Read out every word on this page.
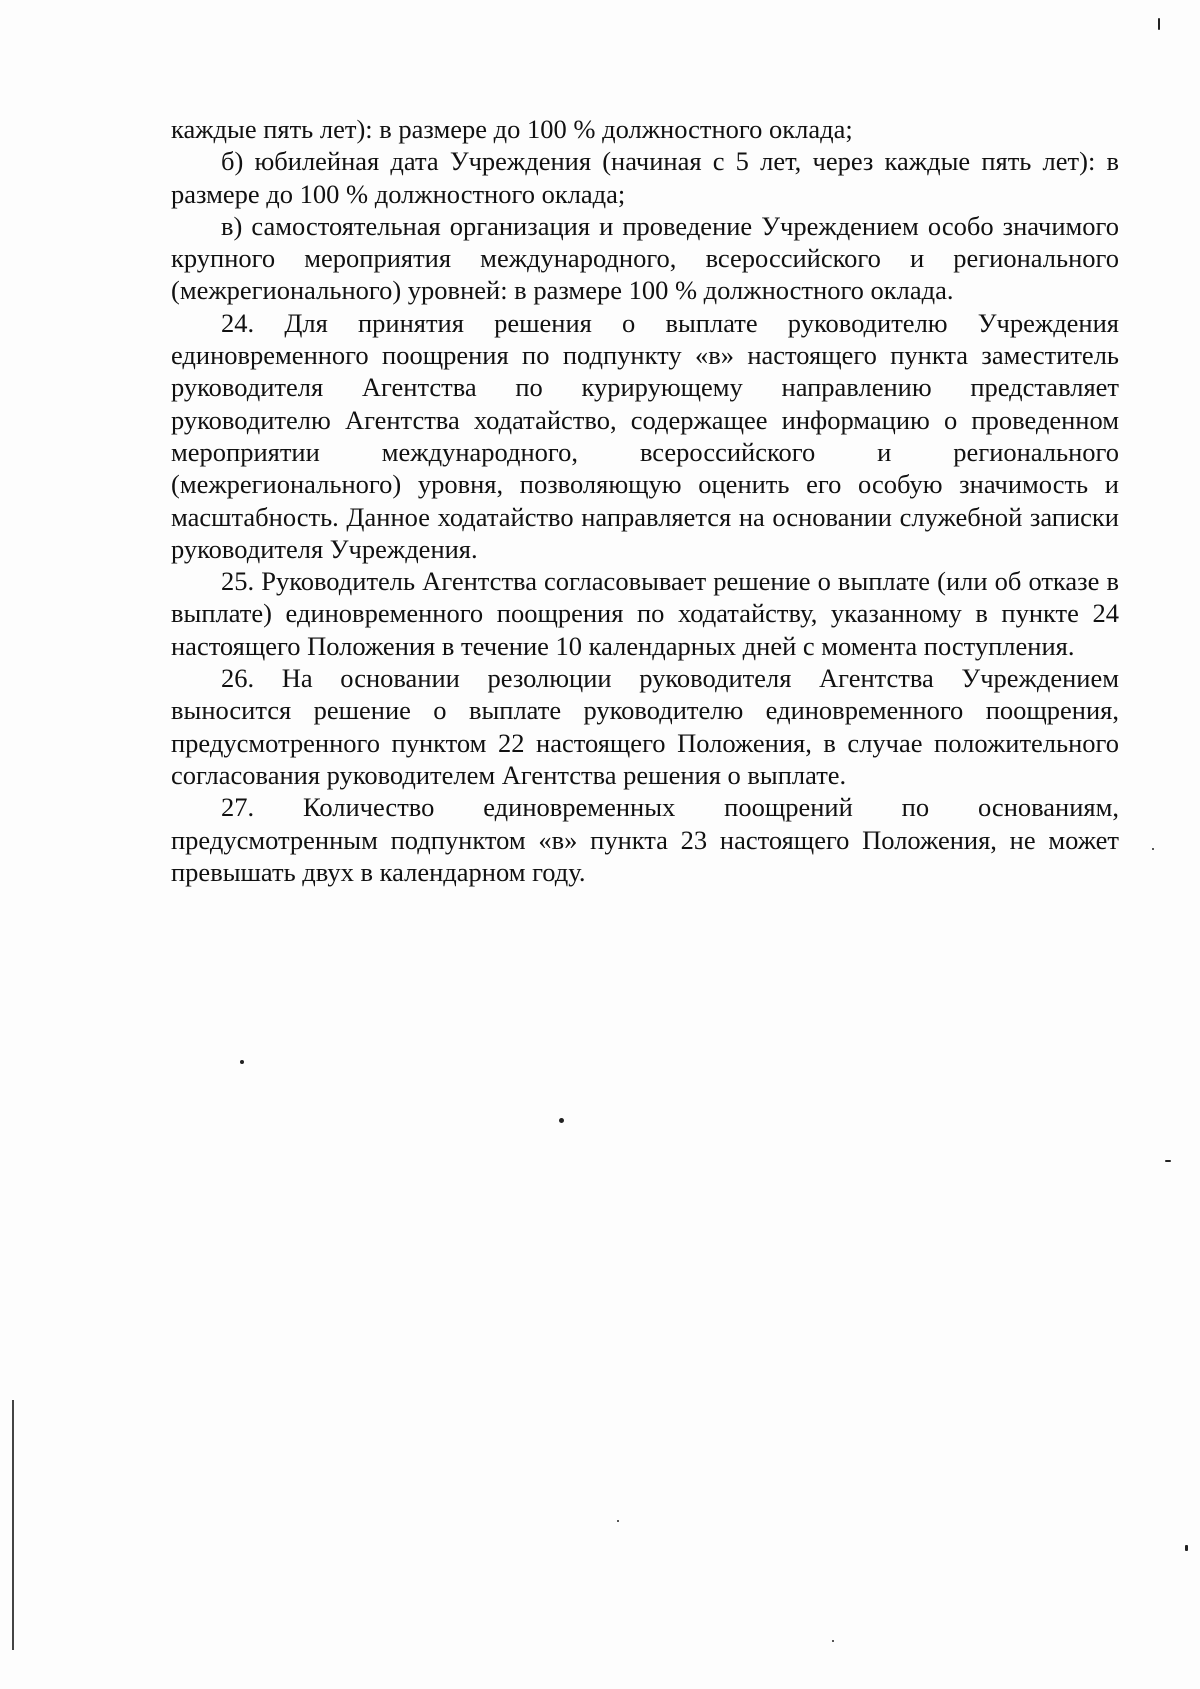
каждые пять лет): в размере до 100 % должностного оклада;

б) юбилейная дата Учреждения (начиная с 5 лет, через каждые пять лет): в размере до 100 % должностного оклада;

в) самостоятельная организация и проведение Учреждением особо значимого крупного мероприятия международного, всероссийского и регионального (межрегионального) уровней: в размере 100 % должностного оклада.

24. Для принятия решения о выплате руководителю Учреждения единовременного поощрения по подпункту «в» настоящего пункта заместитель руководителя Агентства по курирующему направлению представляет руководителю Агентства ходатайство, содержащее информацию о проведенном мероприятии международного, всероссийского и регионального (межрегионального) уровня, позволяющую оценить его особую значимость и масштабность. Данное ходатайство направляется на основании служебной записки руководителя Учреждения.

25. Руководитель Агентства согласовывает решение о выплате (или об отказе в выплате) единовременного поощрения по ходатайству, указанному в пункте 24 настоящего Положения в течение 10 календарных дней с момента поступления.

26. На основании резолюции руководителя Агентства Учреждением выносится решение о выплате руководителю единовременного поощрения, предусмотренного пунктом 22 настоящего Положения, в случае положительного согласования руководителем Агентства решения о выплате.

27. Количество единовременных поощрений по основаниям, предусмотренным подпунктом «в» пункта 23 настоящего Положения, не может превышать двух в календарном году.
